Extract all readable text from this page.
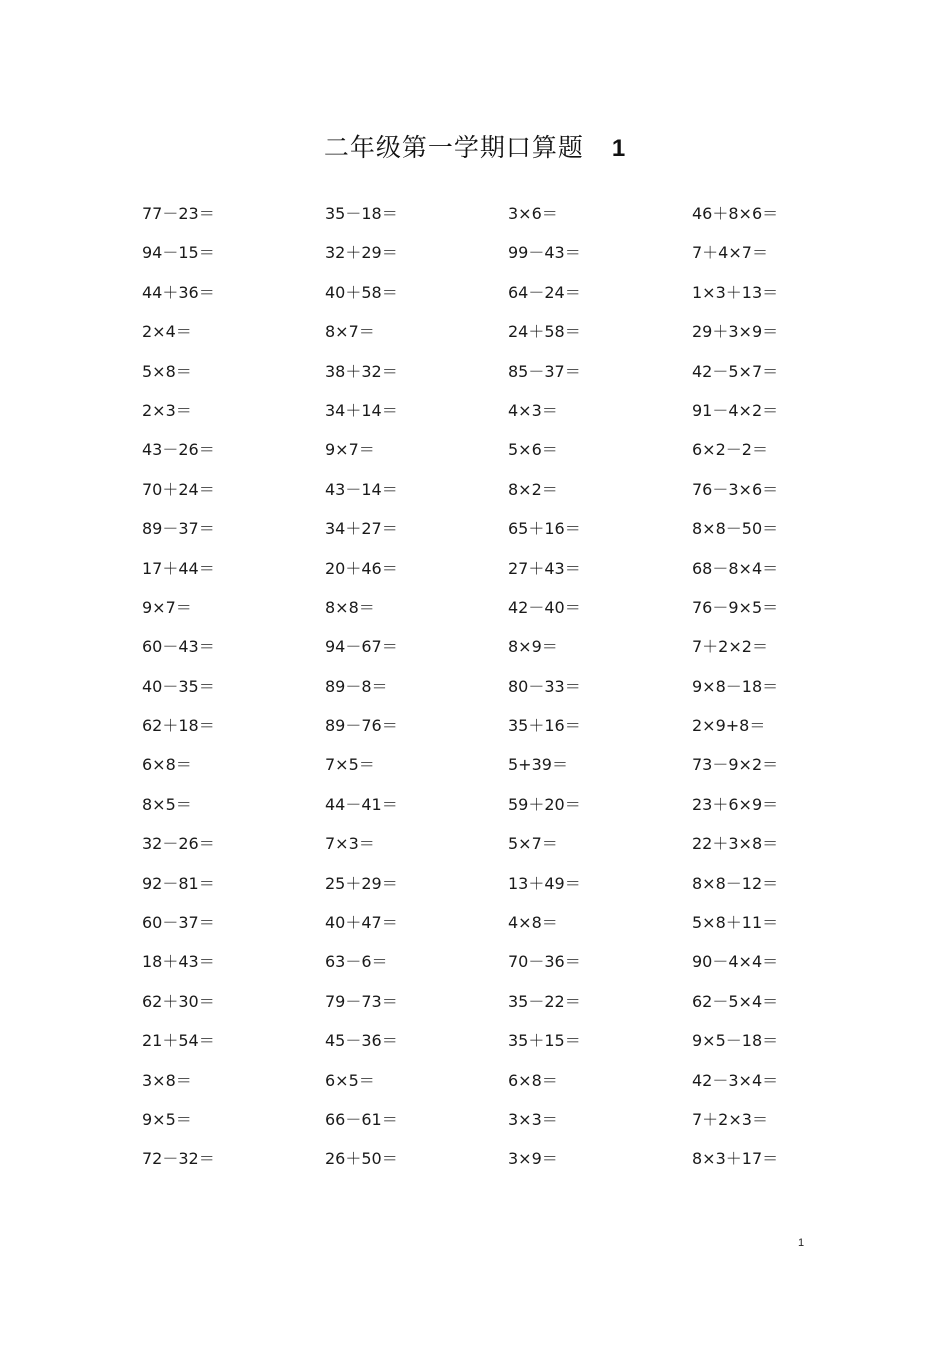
二年级第一学期口算题 1
77－23＝	35－18＝	3×6＝	46＋8×6＝
94－15＝	32＋29＝	99－43＝	7＋4×7＝
44＋36＝	40＋58＝	64－24＝	1×3＋13＝
2×4＝	8×7＝	24＋58＝	29＋3×9＝
5×8＝	38＋32＝	85－37＝	42－5×7＝
2×3＝	34＋14＝	4×3＝	91－4×2＝
43－26＝	9×7＝	5×6＝	6×2－2＝
70＋24＝	43－14＝	8×2＝	76－3×6＝
89－37＝	34＋27＝	65＋16＝	8×8－50＝
17＋44＝	20＋46＝	27＋43＝	68－8×4＝
9×7＝	8×8＝	42－40＝	76－9×5＝
60－43＝	94－67＝	8×9＝	7＋2×2＝
40－35＝	89－8＝	80－33＝	9×8－18＝
62＋18＝	89－76＝	35＋16＝	2×9+8＝
6×8＝	7×5＝	5+39＝	73－9×2＝
8×5＝	44－41＝	59＋20＝	23＋6×9＝
32－26＝	7×3＝	5×7＝	22＋3×8＝
92－81＝	25＋29＝	13＋49＝	8×8－12＝
60－37＝	40＋47＝	4×8＝	5×8＋11＝
18＋43＝	63－6＝	70－36＝	90－4×4＝
62＋30＝	79－73＝	35－22＝	62－5×4＝
21＋54＝	45－36＝	35＋15＝	9×5－18＝
3×8＝	6×5＝	6×8＝	42－3×4＝
9×5＝	66－61＝	3×3＝	7＋2×3＝
72－32＝	26＋50＝	3×9＝	8×3＋17＝
1
